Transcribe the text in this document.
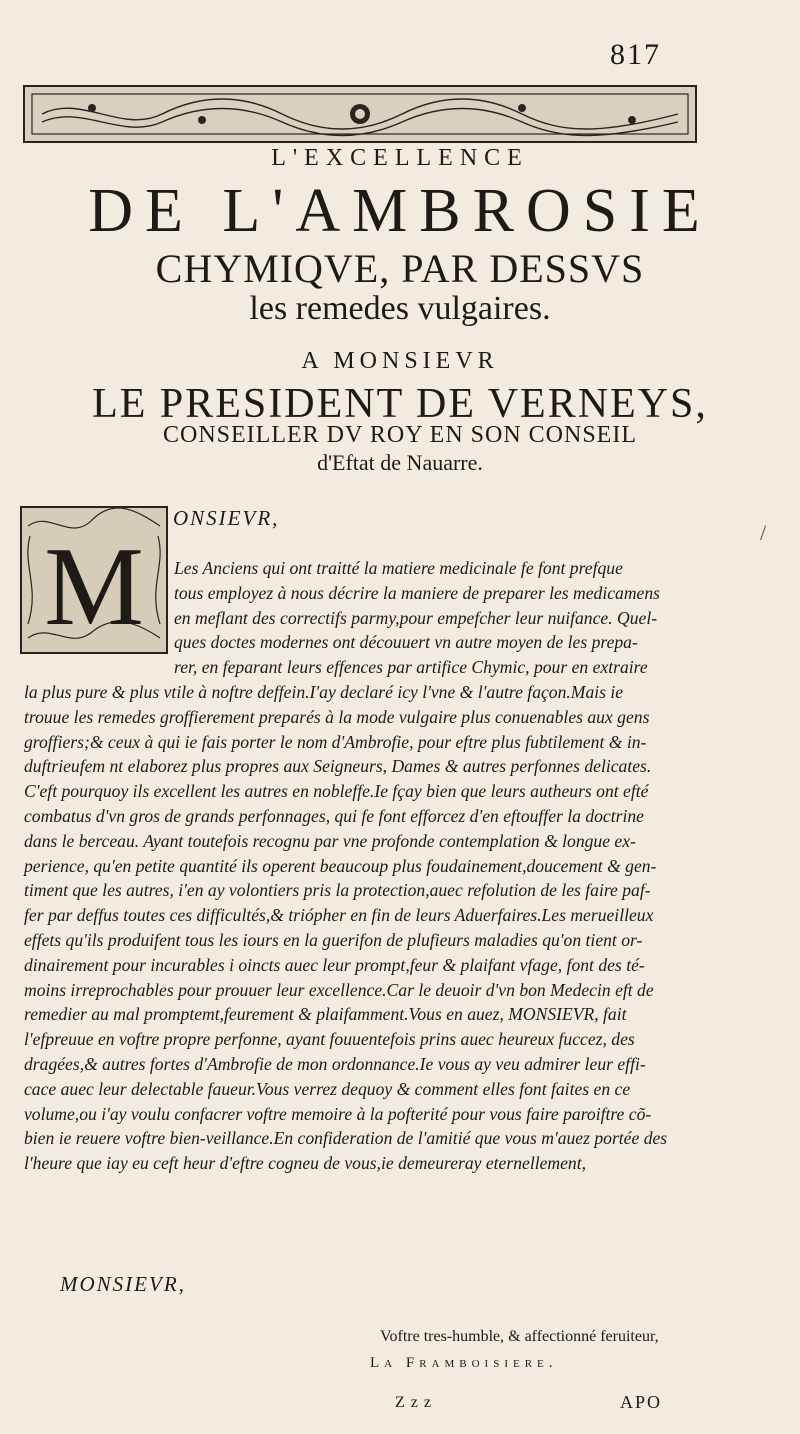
817
L'EXCELLENCE
DE L'AMBROSIE
CHYMIQVE, PAR DESSVS
les remedes vulgaires.
A MONSIEVR
LE PRESIDENT DE VERNEYS,
CONSEILLER DV ROY EN SON CONSEIL
d'Eftat de Nauarre.
M
ONSIEVR,
/
Les Anciens qui ont traitté la matiere medicinale fe font prefque
tous employez à nous décrire la maniere de preparer les medicamens
en meflant des correctifs parmy,pour empefcher leur nuifance. Quel-
ques doctes modernes ont découuert vn autre moyen de les prepa-
rer, en feparant leurs effences par artifice Chymic, pour en extraire
la plus pure & plus vtile à noftre deffein.I'ay declaré icy l'vne & l'autre façon.Mais ie
trouue les remedes groffierement preparés à la mode vulgaire plus conuenables aux gens
groffiers;& ceux à qui ie fais porter le nom d'Ambrofie, pour eftre plus fubtilement & in-
duftrieufem nt elaborez plus propres aux Seigneurs, Dames & autres perfonnes delicates.
C'eft pourquoy ils excellent les autres en nobleffe.Ie fçay bien que leurs autheurs ont efté
combatus d'vn gros de grands perfonnages, qui fe font efforcez d'en eftouffer la doctrine
dans le berceau. Ayant toutefois recognu par vne profonde contemplation & longue ex-
perience, qu'en petite quantité ils operent beaucoup plus foudainement,doucement & gen-
timent que les autres, i'en ay volontiers pris la protection,auec refolution de les faire paf-
fer par deffus toutes ces difficultés,& triópher en fin de leurs Aduerfaires.Les merueilleux
effets qu'ils produifent tous les iours en la guerifon de plufieurs maladies qu'on tient or-
dinairement pour incurables i oincts auec leur prompt,feur & plaifant vfage, font des té-
moins irreprochables pour prouuer leur excellence.Car le deuoir d'vn bon Medecin eft de
remedier au mal promptemt,feurement & plaifamment.Vous en auez, MONSIEVR, fait
l'efpreuue en voftre propre perfonne, ayant fouuentefois prins auec heureux fuccez, des
dragées,& autres fortes d'Ambrofie de mon ordonnance.Ie vous ay veu admirer leur effi-
cace auec leur delectable faueur.Vous verrez dequoy & comment elles font faites en ce
volume,ou i'ay voulu confacrer voftre memoire à la pofterité pour vous faire paroiftre cõ-
bien ie reuere voftre bien-veillance.En confideration de l'amitié que vous m'auez portée des
l'heure que iay eu ceft heur d'eftre cogneu de vous,ie demeureray eternellement,
MONSIEVR,
Voftre tres-humble, & affectionné feruiteur,
La Framboisiere.
Zzz	APO
